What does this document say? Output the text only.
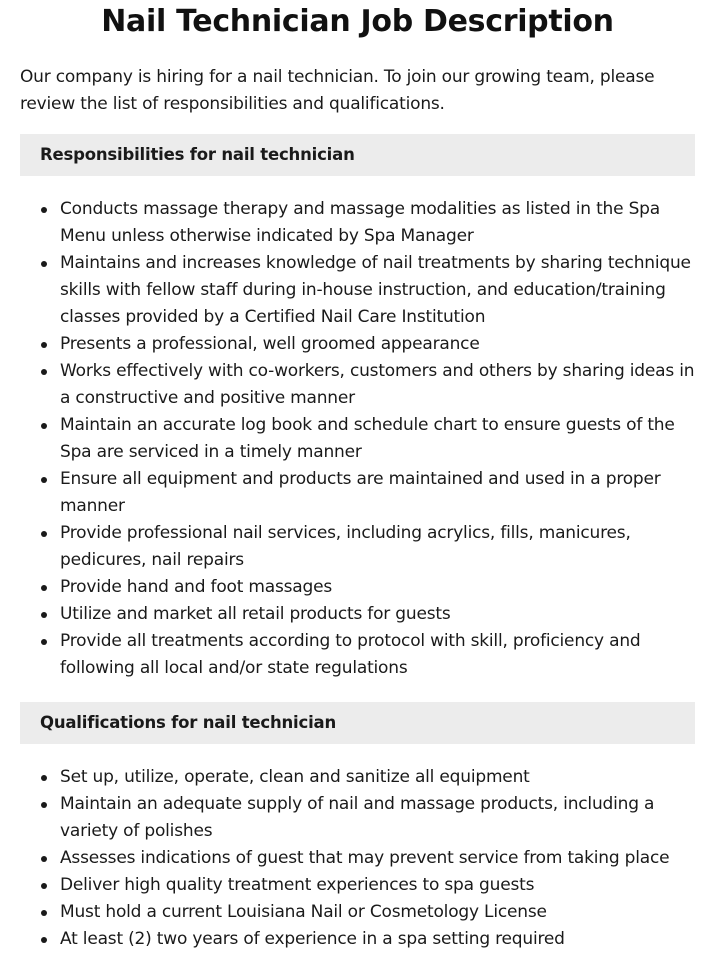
Nail Technician Job Description

Our company is hiring for a nail technician. To join our growing team, please review the list of responsibilities and qualifications.

Responsibilities for nail technician
Conducts massage therapy and massage modalities as listed in the Spa Menu unless otherwise indicated by Spa Manager
Maintains and increases knowledge of nail treatments by sharing technique skills with fellow staff during in-house instruction, and education/training classes provided by a Certified Nail Care Institution
Presents a professional, well groomed appearance
Works effectively with co-workers, customers and others by sharing ideas in a constructive and positive manner
Maintain an accurate log book and schedule chart to ensure guests of the Spa are serviced in a timely manner
Ensure all equipment and products are maintained and used in a proper manner
Provide professional nail services, including acrylics, fills, manicures, pedicures, nail repairs
Provide hand and foot massages
Utilize and market all retail products for guests
Provide all treatments according to protocol with skill, proficiency and following all local and/or state regulations
Qualifications for nail technician
Set up, utilize, operate, clean and sanitize all equipment
Maintain an adequate supply of nail and massage products, including a variety of polishes
Assesses indications of guest that may prevent service from taking place
Deliver high quality treatment experiences to spa guests
Must hold a current Louisiana Nail or Cosmetology License
At least (2) two years of experience in a spa setting required
